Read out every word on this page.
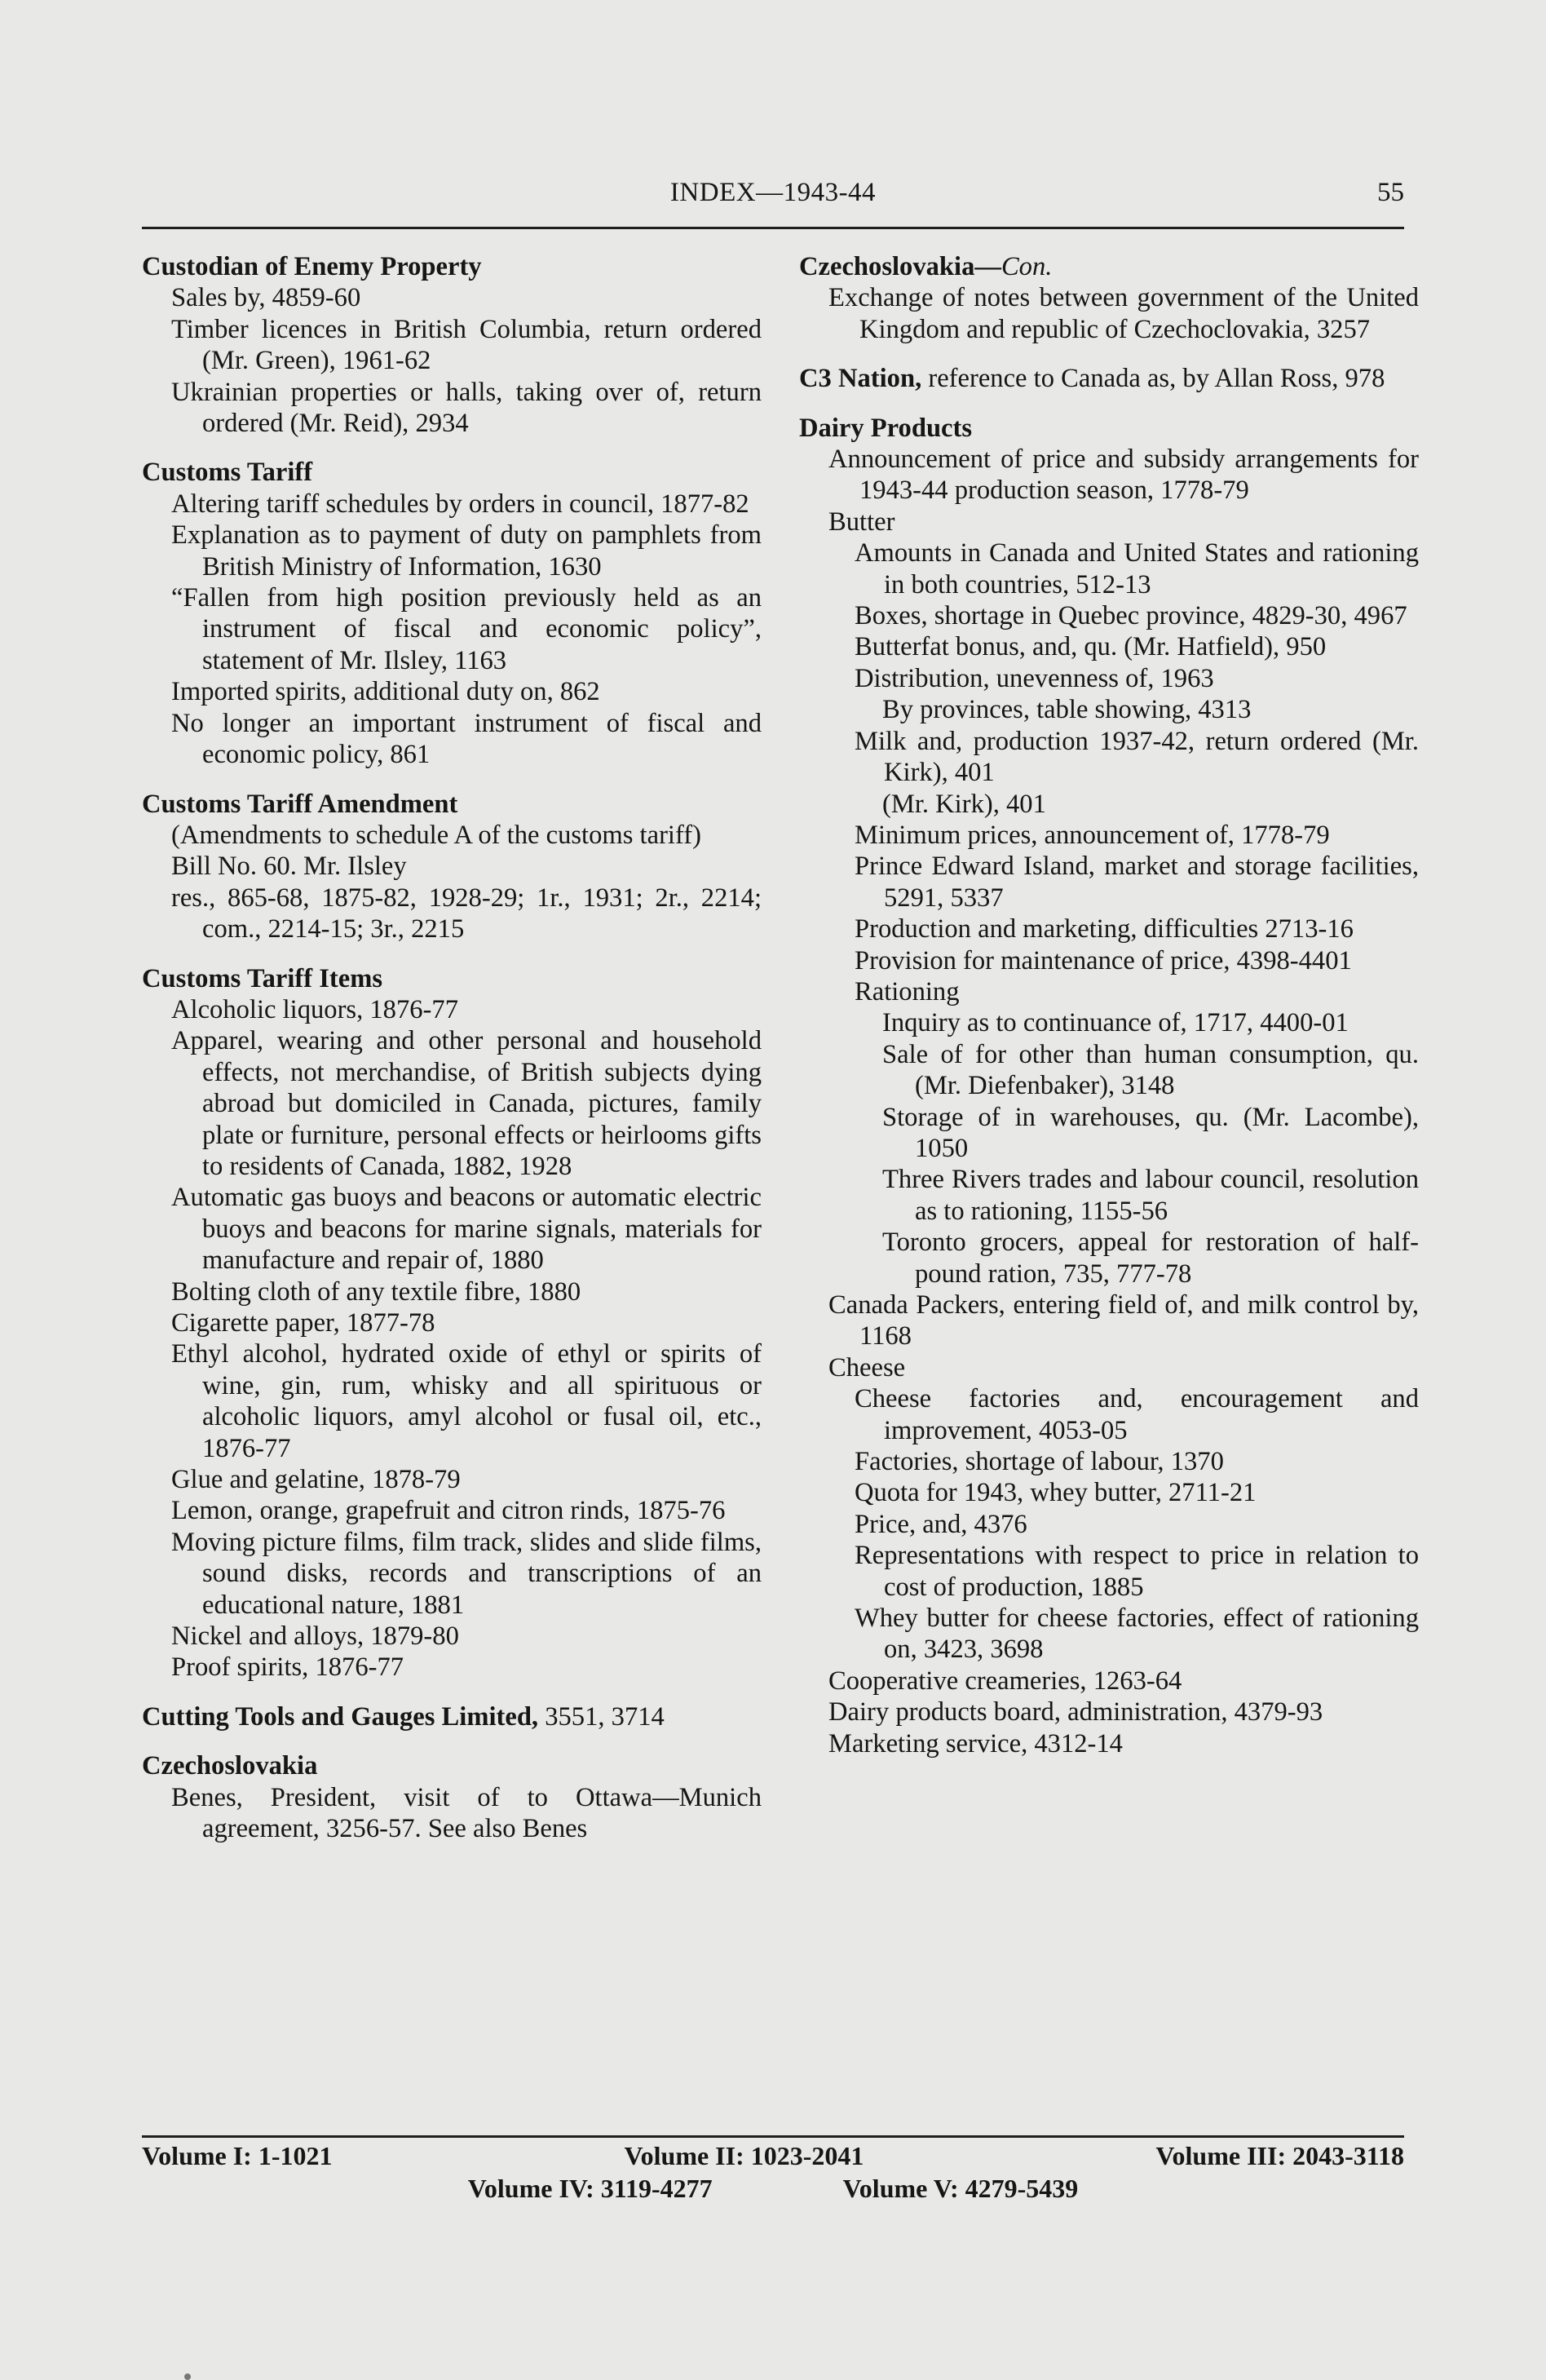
INDEX—1943-44	55
Custodian of Enemy Property
Sales by, 4859-60
Timber licences in British Columbia, return ordered (Mr. Green), 1961-62
Ukrainian properties or halls, taking over of, return ordered (Mr. Reid), 2934
Customs Tariff
Altering tariff schedules by orders in council, 1877-82
Explanation as to payment of duty on pamphlets from British Ministry of Information, 1630
“Fallen from high position previously held as an instrument of fiscal and economic policy”, statement of Mr. Ilsley, 1163
Imported spirits, additional duty on, 862
No longer an important instrument of fiscal and economic policy, 861
Customs Tariff Amendment
(Amendments to schedule A of the customs tariff)
Bill No. 60. Mr. Ilsley
res., 865-68, 1875-82, 1928-29; 1r., 1931; 2r., 2214; com., 2214-15; 3r., 2215
Customs Tariff Items
Alcoholic liquors, 1876-77
Apparel, wearing and other personal and household effects, not merchandise, of British subjects dying abroad but domiciled in Canada, pictures, family plate or furniture, personal effects or heirlooms gifts to residents of Canada, 1882, 1928
Automatic gas buoys and beacons or automatic electric buoys and beacons for marine signals, materials for manufacture and repair of, 1880
Bolting cloth of any textile fibre, 1880
Cigarette paper, 1877-78
Ethyl alcohol, hydrated oxide of ethyl or spirits of wine, gin, rum, whisky and all spirituous or alcoholic liquors, amyl alcohol or fusal oil, etc., 1876-77
Glue and gelatine, 1878-79
Lemon, orange, grapefruit and citron rinds, 1875-76
Moving picture films, film track, slides and slide films, sound disks, records and transcriptions of an educational nature, 1881
Nickel and alloys, 1879-80
Proof spirits, 1876-77
Cutting Tools and Gauges Limited, 3551, 3714
Czechoslovakia
Benes, President, visit of to Ottawa—Munich agreement, 3256-57. See also Benes
Czechoslovakia—Con.
Exchange of notes between government of the United Kingdom and republic of Czechoclovakia, 3257
C3 Nation, reference to Canada as, by Allan Ross, 978
Dairy Products
Announcement of price and subsidy arrangements for 1943-44 production season, 1778-79
Butter
Amounts in Canada and United States and rationing in both countries, 512-13
Boxes, shortage in Quebec province, 4829-30, 4967
Butterfat bonus, and, qu. (Mr. Hatfield), 950
Distribution, unevenness of, 1963
By provinces, table showing, 4313
Milk and, production 1937-42, return ordered (Mr. Kirk), 401
(Mr. Kirk), 401
Minimum prices, announcement of, 1778-79
Prince Edward Island, market and storage facilities, 5291, 5337
Production and marketing, difficulties 2713-16
Provision for maintenance of price, 4398-4401
Rationing
Inquiry as to continuance of, 1717, 4400-01
Sale of for other than human consumption, qu. (Mr. Diefenbaker), 3148
Storage of in warehouses, qu. (Mr. Lacombe), 1050
Three Rivers trades and labour council, resolution as to rationing, 1155-56
Toronto grocers, appeal for restoration of half-pound ration, 735, 777-78
Canada Packers, entering field of, and milk control by, 1168
Cheese
Cheese factories and, encouragement and improvement, 4053-05
Factories, shortage of labour, 1370
Quota for 1943, whey butter, 2711-21
Price, and, 4376
Representations with respect to price in relation to cost of production, 1885
Whey butter for cheese factories, effect of rationing on, 3423, 3698
Cooperative creameries, 1263-64
Dairy products board, administration, 4379-93
Marketing service, 4312-14
Volume I: 1-1021	Volume II: 1023-2041	Volume III: 2043-3118
Volume IV: 3119-4277	Volume V: 4279-5439
